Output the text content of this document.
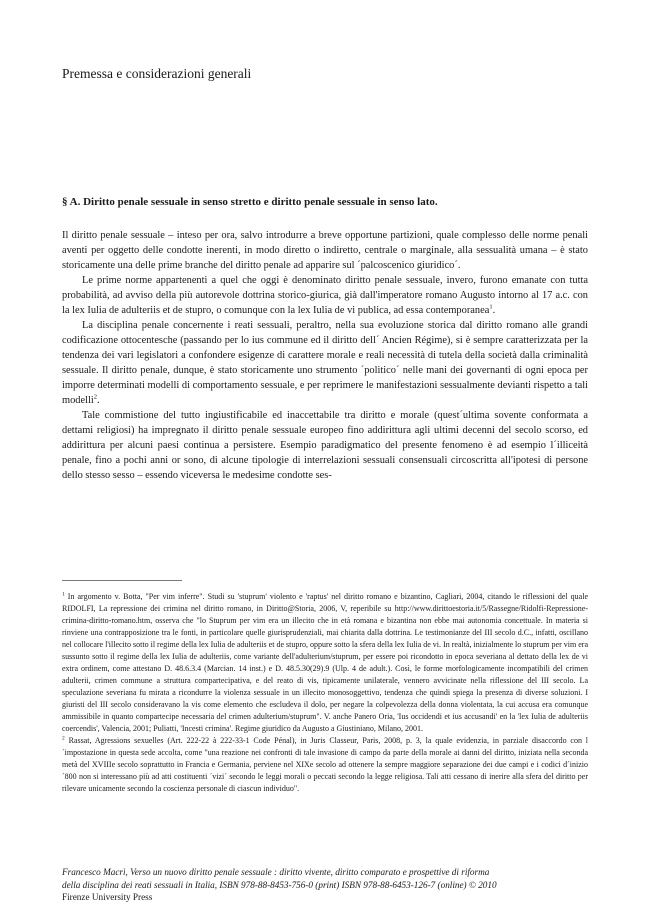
Premessa e considerazioni generali
§ A. Diritto penale sessuale in senso stretto e diritto penale sessuale in senso lato.

Il diritto penale sessuale – inteso per ora, salvo introdurre a breve opportune partizioni, quale complesso delle norme penali aventi per oggetto delle condotte inerenti, in modo diretto o indiretto, centrale o marginale, alla sessualità umana – è stato storicamente una delle prime branche del diritto penale ad apparire sul ´palcoscenico giuridico´.

Le prime norme appartenenti a quel che oggi è denominato diritto penale sessuale, invero, furono emanate con tutta probabilità, ad avviso della più autorevole dottrina storico-giurica, già dall'imperatore romano Augusto intorno al 17 a.c. con la lex Iulia de adulteriis et de stupro, o comunque con la lex Iulia de vi publica, ad essa contemporanea$^1$.

La disciplina penale concernente i reati sessuali, peraltro, nella sua evoluzione storica dal diritto romano alle grandi codificazione ottocentesche (passando per lo ius commune ed il diritto dell´ Ancien Régime), si è sempre caratterizzata per la tendenza dei vari legislatori a confondere esigenze di carattere morale e reali necessità di tutela della società dalla criminalità sessuale. Il diritto penale, dunque, è stato storicamente uno strumento ´politico´ nelle mani dei governanti di ogni epoca per imporre determinati modelli di comportamento sessuale, e per reprimere le manifestazioni sessualmente devianti rispetto a tali modelli$^2$.

Tale commistione del tutto ingiustificabile ed inaccettabile tra diritto e morale (quest´ultima sovente conformata a dettami religiosi) ha impregnato il diritto penale sessuale europeo fino addirittura agli ultimi decenni del secolo scorso, ed addirittura per alcuni paesi continua a persistere. Esempio paradigmatico del presente fenomeno è ad esempio l´illiceità penale, fino a pochi anni or sono, di alcune tipologie di interrelazioni sessuali consensuali circoscritta all'ipotesi di persone dello stesso sesso – essendo viceversa le medesime condotte ses-

$^1$ In argomento v. Botta, "Per vim inferre". Studi su 'stuprum' violento e 'raptus' nel diritto romano e bizantino, Cagliari, 2004, citando le riflessioni del quale RIDOLFI, La repressione dei crimina nel diritto romano, in Diritto@Storia, 2006, V, reperibile su http://www.dirittoestoria.it/5/Rassegne/Ridolfi-Repressione-crimina-diritto-romano.htm, osserva che "lo Stuprum per vim era un illecito che in età romana e bizantina non ebbe mai autonomia concettuale. In materia si rinviene una contrapposizione tra le fonti, in particolare quelle giurisprudenziali, mai chiarita dalla dottrina. Le testimonianze del III secolo d.C., infatti, oscillano nel collocare l'illecito sotto il regime della lex Iulia de adulteriis et de stupro, oppure sotto la sfera della lex Iulia de vi. In realtà, inizialmente lo stuprum per vim era sussunto sotto il regime della lex Iulia de adulteriis, come variante dell'adulterium/stuprum, per essere poi ricondotto in epoca severiana al dettato della lex de vi extra ordinem, come attestano D. 48.6.3.4 (Marcian. 14 inst.) e D. 48.5.30(29).9 (Ulp. 4 de adult.). Così, le forme morfologicamente incompatibili del crimen adulterii, crimen commune a struttura compartecipativa, e del reato di vis, tipicamente unilaterale, vennero avvicinate nella riflessione del III secolo. La speculazione severiana fu mirata a ricondurre la violenza sessuale in un illecito monosoggettivo, tendenza che quindi spiega la presenza di diverse soluzioni. I giuristi del III secolo consideravano la vis come elemento che escludeva il dolo, per negare la colpevolezza della donna violentata, la cui accusa era comunque ammissibile in quanto compartecipe necessaria del crimen adulterium/stuprum". V. anche Panero Oria, 'Ius occidendi et ius accusandi' en la 'lex Iulia de adulteriis coercendis', Valencia, 2001; Puliatti, 'Incesti crimina'. Regime giuridico da Augusto a Giustiniano, Milano, 2001.

$^2$ Rassat, Agressions sexuelles (Art. 222-22 à 222-33-1 Code Pénal), in Juris Classeur, Paris, 2008, p. 3, la quale evidenzia, in parziale disaccordo con l´impostazione in questa sede accolta, come "una reazione nei confronti di tale invasione di campo da parte della morale ai danni del diritto, iniziata nella seconda metà del XVIIIe secolo soprattutto in Francia e Germania, perviene nel XIXe secolo ad ottenere la sempre maggiore separazione dei due campi e i codici d´inizio ´800 non si interessano più ad atti costituenti ´vizi´ secondo le leggi morali o peccati secondo la legge religiosa. Tali atti cessano di inerire alla sfera del diritto per rilevare unicamente secondo la coscienza personale di ciascun individuo".

Francesco Macrì, Verso un nuovo diritto penale sessuale : diritto vivente, diritto comparato e prospettive di riforma
della disciplina dei reati sessuali in Italia, ISBN 978-88-8453-756-0 (print) ISBN 978-88-6453-126-7 (online) © 2010
Firenze University Press
